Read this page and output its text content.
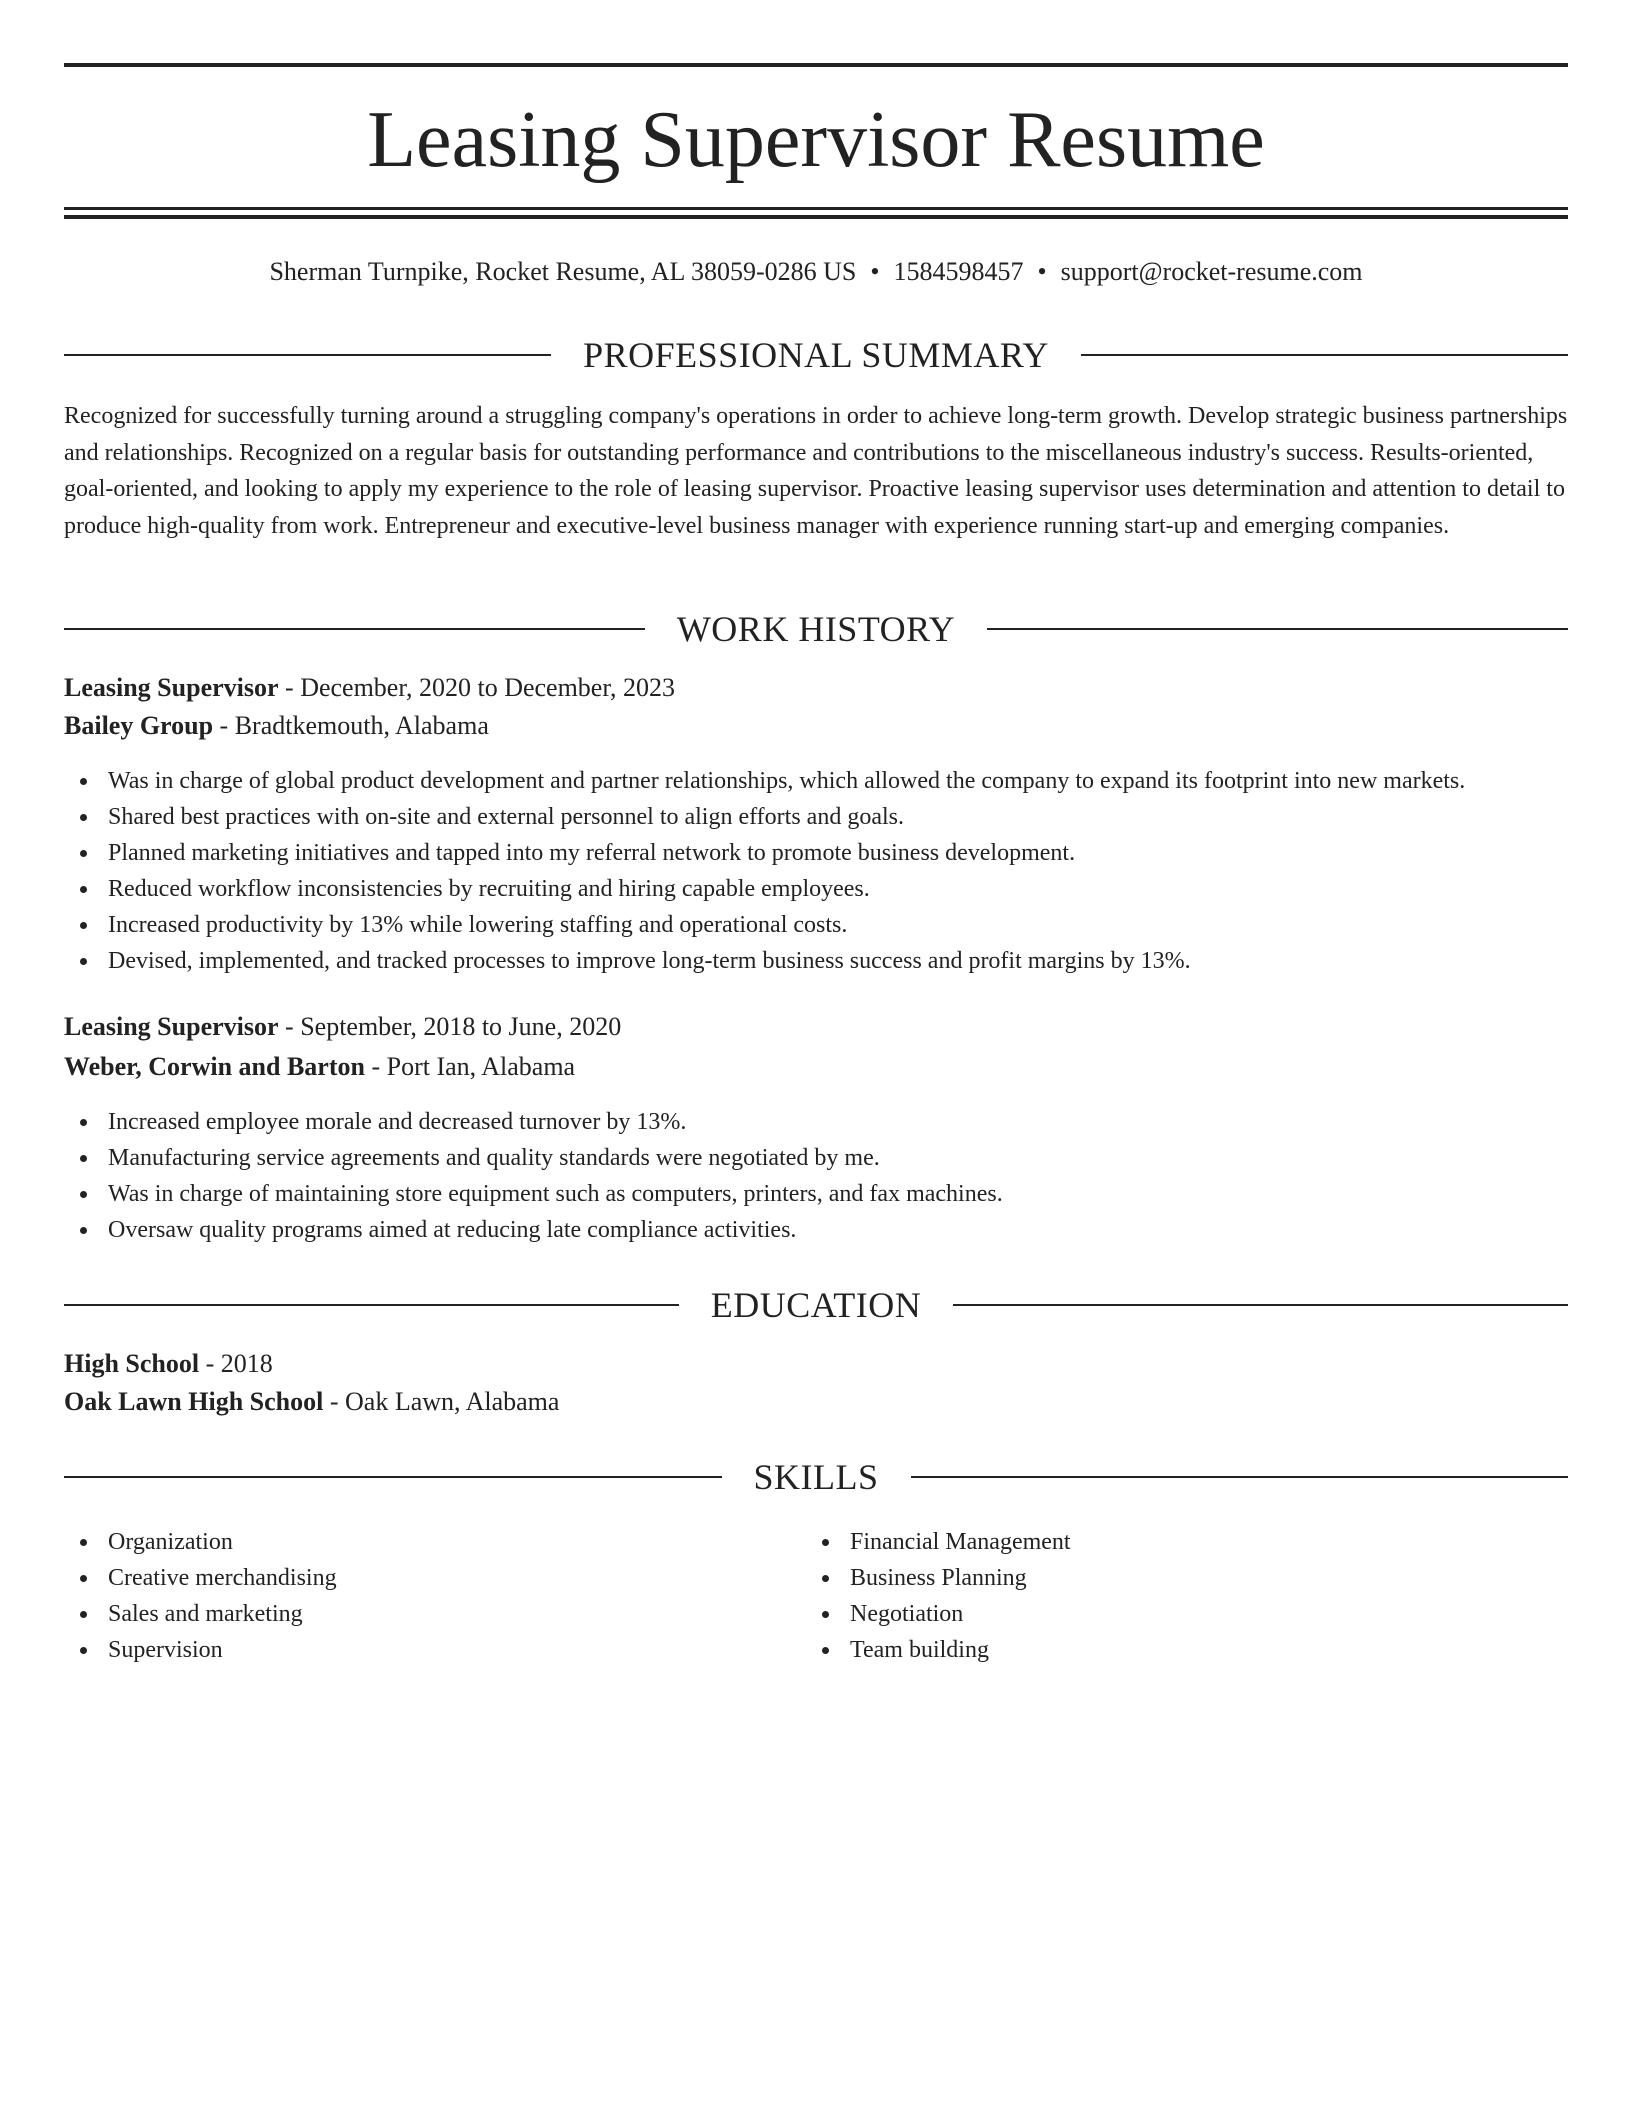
Leasing Supervisor Resume
Sherman Turnpike, Rocket Resume, AL 38059-0286 US • 1584598457 • support@rocket-resume.com
PROFESSIONAL SUMMARY

Recognized for successfully turning around a struggling company's operations in order to achieve long-term growth. Develop strategic business partnerships and relationships. Recognized on a regular basis for outstanding performance and contributions to the miscellaneous industry's success. Results-oriented, goal-oriented, and looking to apply my experience to the role of leasing supervisor. Proactive leasing supervisor uses determination and attention to detail to produce high-quality from work. Entrepreneur and executive-level business manager with experience running start-up and emerging companies.

WORK HISTORY
Leasing Supervisor - December, 2020 to December, 2023
Bailey Group - Bradtkemouth, Alabama
Was in charge of global product development and partner relationships, which allowed the company to expand its footprint into new markets.
Shared best practices with on-site and external personnel to align efforts and goals.
Planned marketing initiatives and tapped into my referral network to promote business development.
Reduced workflow inconsistencies by recruiting and hiring capable employees.
Increased productivity by 13% while lowering staffing and operational costs.
Devised, implemented, and tracked processes to improve long-term business success and profit margins by 13%.
Leasing Supervisor - September, 2018 to June, 2020
Weber, Corwin and Barton - Port Ian, Alabama
Increased employee morale and decreased turnover by 13%.
Manufacturing service agreements and quality standards were negotiated by me.
Was in charge of maintaining store equipment such as computers, printers, and fax machines.
Oversaw quality programs aimed at reducing late compliance activities.
EDUCATION
High School - 2018
Oak Lawn High School - Oak Lawn, Alabama
SKILLS
Organization
Creative merchandising
Sales and marketing
Supervision
Financial Management
Business Planning
Negotiation
Team building
